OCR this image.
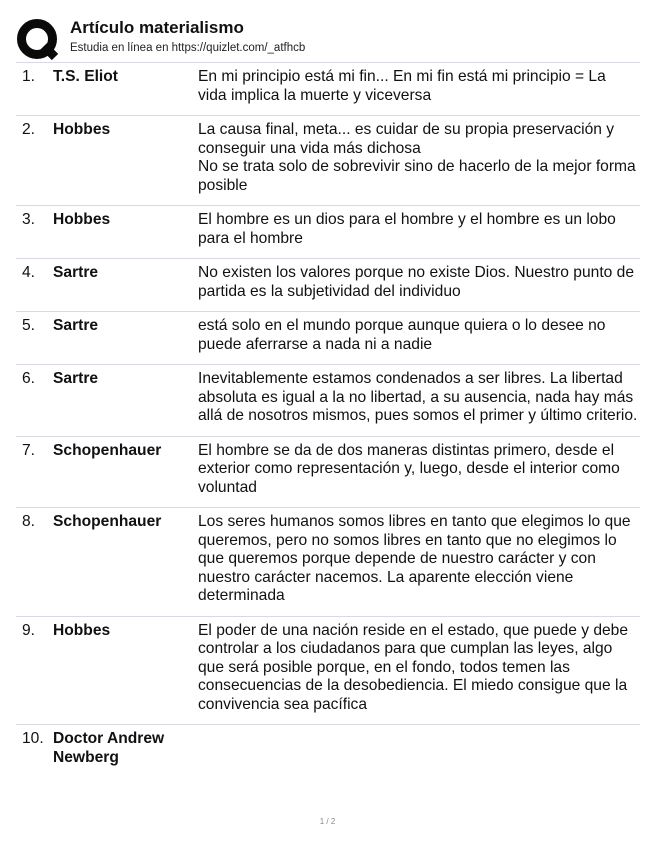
Artículo materialismo
Estudia en línea en https://quizlet.com/_atfhcb
1.	T.S. Eliot	En mi principio está mi fin... En mi fin está mi principio = La vida implica la muerte y viceversa

2.	Hobbes	La causa final, meta... es cuidar de su propia preservación y conseguir una vida más dichosa

No se trata solo de sobrevivir sino de hacerlo de la mejor forma posible

3.	Hobbes	El hombre es un dios para el hombre y el hombre es un lobo para el hombre

4.	Sartre	No existen los valores porque no existe Dios. Nuestro punto de partida es la subjetividad del individuo

5.	Sartre	está solo en el mundo porque aunque quiera o lo desee no puede aferrarse a nada ni a nadie

6.	Sartre	Inevitablemente estamos condenados a ser libres. La libertad absoluta es igual a la no libertad, a su ausencia, nada hay más allá de nosotros mismos, pues somos el primer y último criterio.

7.	Schopenhauer	El hombre se da de dos maneras distintas primero, desde el exterior como representación y, luego, desde el interior como voluntad

8.	Schopenhauer	Los seres humanos somos libres en tanto que elegimos lo que queremos, pero no somos libres en tanto que no elegimos lo que queremos porque depende de nuestro carácter y con nuestro carácter nacemos. La aparente elección viene determinada

9.	Hobbes	El poder de una nación reside en el estado, que puede y debe controlar a los ciudadanos para que cumplan las leyes, algo que será posible porque, en el fondo, todos temen las consecuencias de la desobediencia. El miedo consigue que la convivencia sea pacífica

10. Doctor Andrew Newberg
1 / 2
